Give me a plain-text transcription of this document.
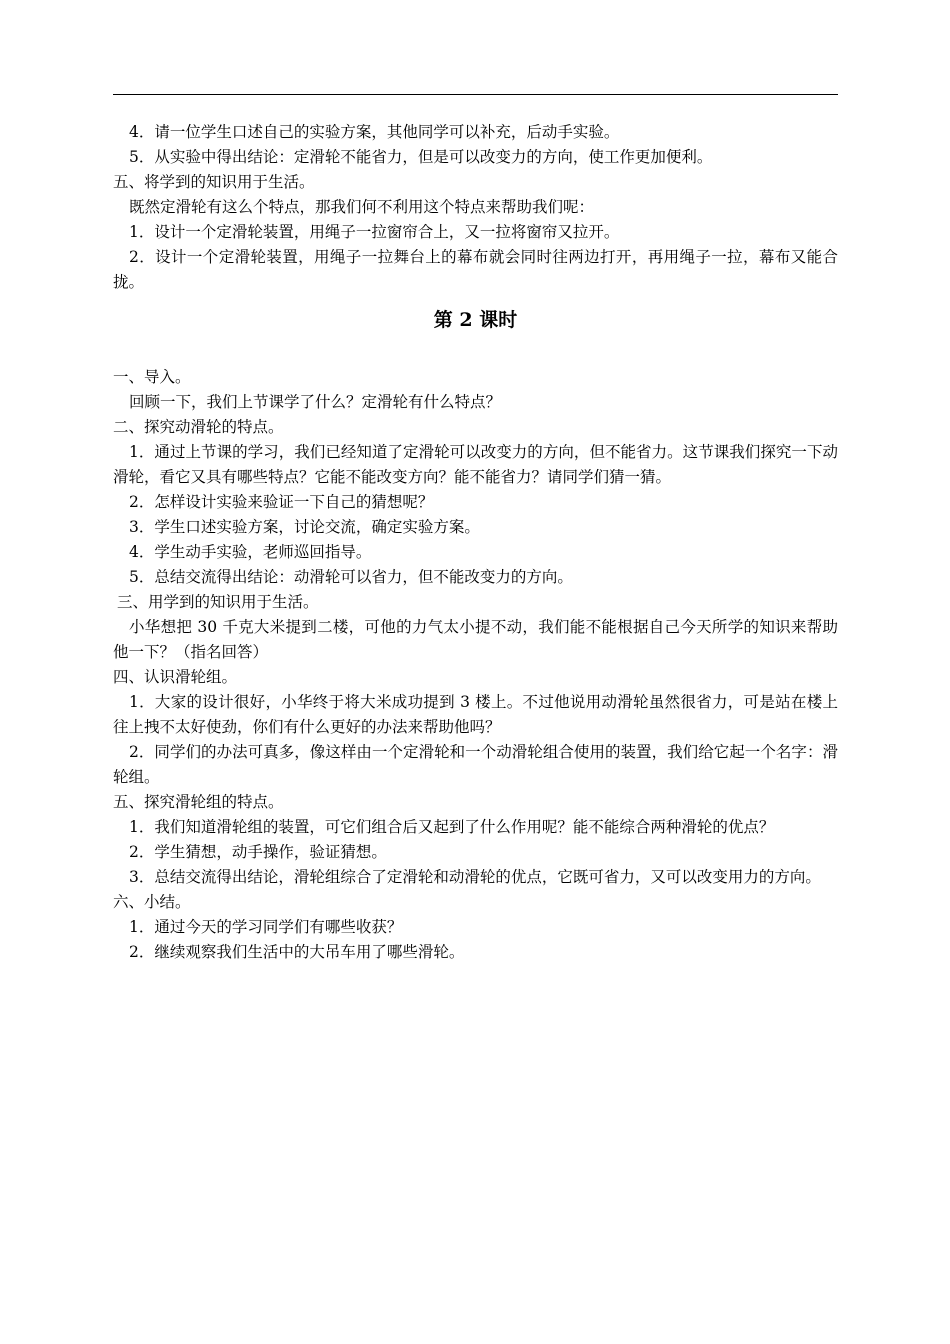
4．请一位学生口述自己的实验方案，其他同学可以补充，后动手实验。

5．从实验中得出结论：定滑轮不能省力，但是可以改变力的方向，使工作更加便利。

五、将学到的知识用于生活。

既然定滑轮有这么个特点，那我们何不利用这个特点来帮助我们呢：

1．设计一个定滑轮装置，用绳子一拉窗帘合上，又一拉将窗帘又拉开。

2．设计一个定滑轮装置，用绳子一拉舞台上的幕布就会同时往两边打开，再用绳子一拉，幕布又能合拢。

第 2 课时

一、导入。

回顾一下，我们上节课学了什么？定滑轮有什么特点？

二、探究动滑轮的特点。

1．通过上节课的学习，我们已经知道了定滑轮可以改变力的方向，但不能省力。这节课我们探究一下动滑轮，看它又具有哪些特点？它能不能改变方向？能不能省力？请同学们猜一猜。

2．怎样设计实验来验证一下自己的猜想呢？

3．学生口述实验方案，讨论交流，确定实验方案。

4．学生动手实验，老师巡回指导。

5．总结交流得出结论：动滑轮可以省力，但不能改变力的方向。

三、用学到的知识用于生活。

小华想把 30 千克大米提到二楼，可他的力气太小提不动，我们能不能根据自己今天所学的知识来帮助他一下？（指名回答）

四、认识滑轮组。

1．大家的设计很好，小华终于将大米成功提到 3 楼上。不过他说用动滑轮虽然很省力，可是站在楼上往上拽不太好使劲，你们有什么更好的办法来帮助他吗？

2．同学们的办法可真多，像这样由一个定滑轮和一个动滑轮组合使用的装置，我们给它起一个名字：滑轮组。

五、探究滑轮组的特点。

1．我们知道滑轮组的装置，可它们组合后又起到了什么作用呢？能不能综合两种滑轮的优点？

2．学生猜想，动手操作，验证猜想。

3．总结交流得出结论，滑轮组综合了定滑轮和动滑轮的优点，它既可省力，又可以改变用力的方向。

六、小结。

1．通过今天的学习同学们有哪些收获？

2．继续观察我们生活中的大吊车用了哪些滑轮。
